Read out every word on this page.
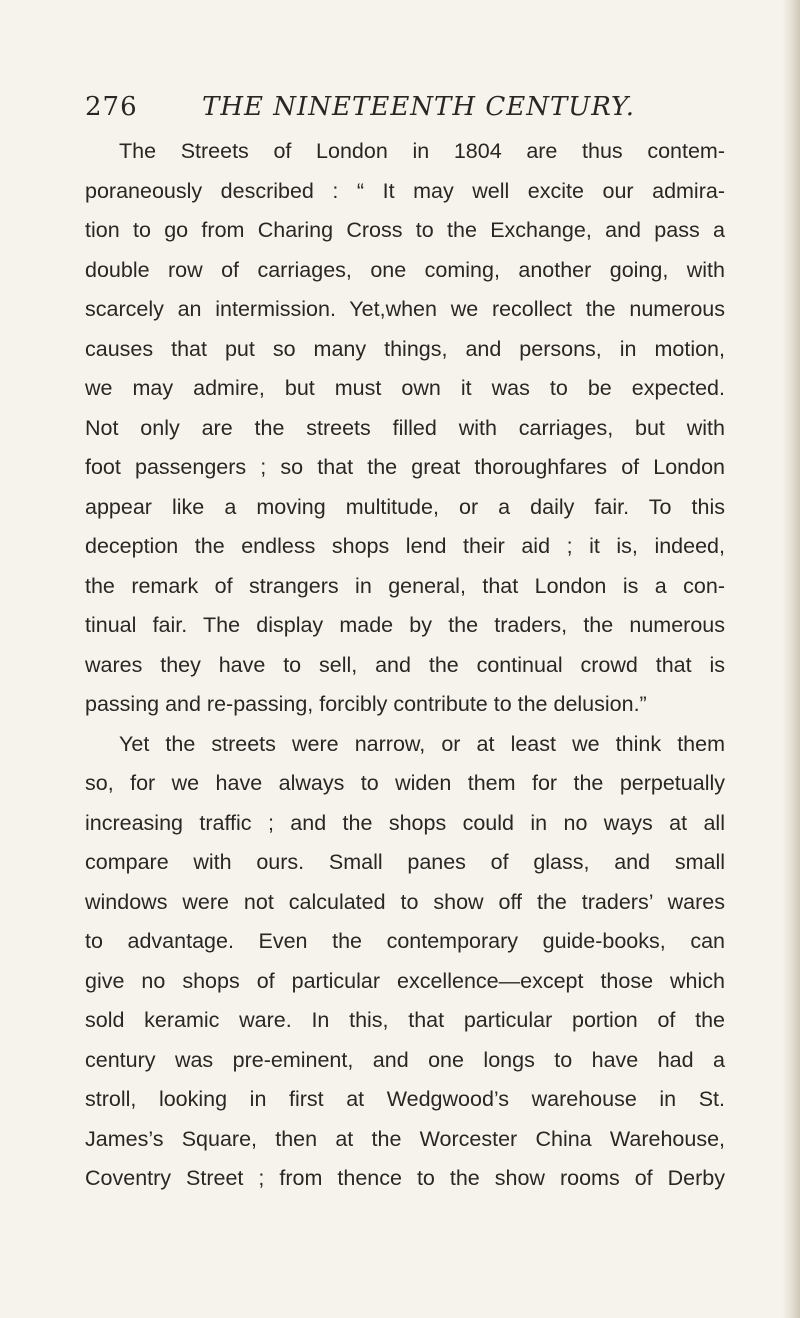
276 THE NINETEENTH CENTURY.
The Streets of London in 1804 are thus contem-
poraneously described : “ It may well excite our admira-
tion to go from Charing Cross to the Exchange, and pass a
double row of carriages, one coming, another going, with
scarcely an intermission. Yet,when we recollect the numerous
causes that put so many things, and persons, in motion,
we may admire, but must own it was to be expected.
Not only are the streets filled with carriages, but with
foot passengers ; so that the great thoroughfares of London
appear like a moving multitude, or a daily fair. To this
deception the endless shops lend their aid ; it is, indeed,
the remark of strangers in general, that London is a con-
tinual fair. The display made by the traders, the numerous
wares they have to sell, and the continual crowd that is
passing and re-passing, forcibly contribute to the delusion.”
Yet the streets were narrow, or at least we think them
so, for we have always to widen them for the perpetually
increasing traffic ; and the shops could in no ways at all
compare with ours. Small panes of glass, and small
windows were not calculated to show off the traders’ wares
to advantage. Even the contemporary guide-books, can
give no shops of particular excellence—except those which
sold keramic ware. In this, that particular portion of the
century was pre-eminent, and one longs to have had a
stroll, looking in first at Wedgwood’s warehouse in St.
James’s Square, then at the Worcester China Warehouse,
Coventry Street ; from thence to the show rooms of Derby
